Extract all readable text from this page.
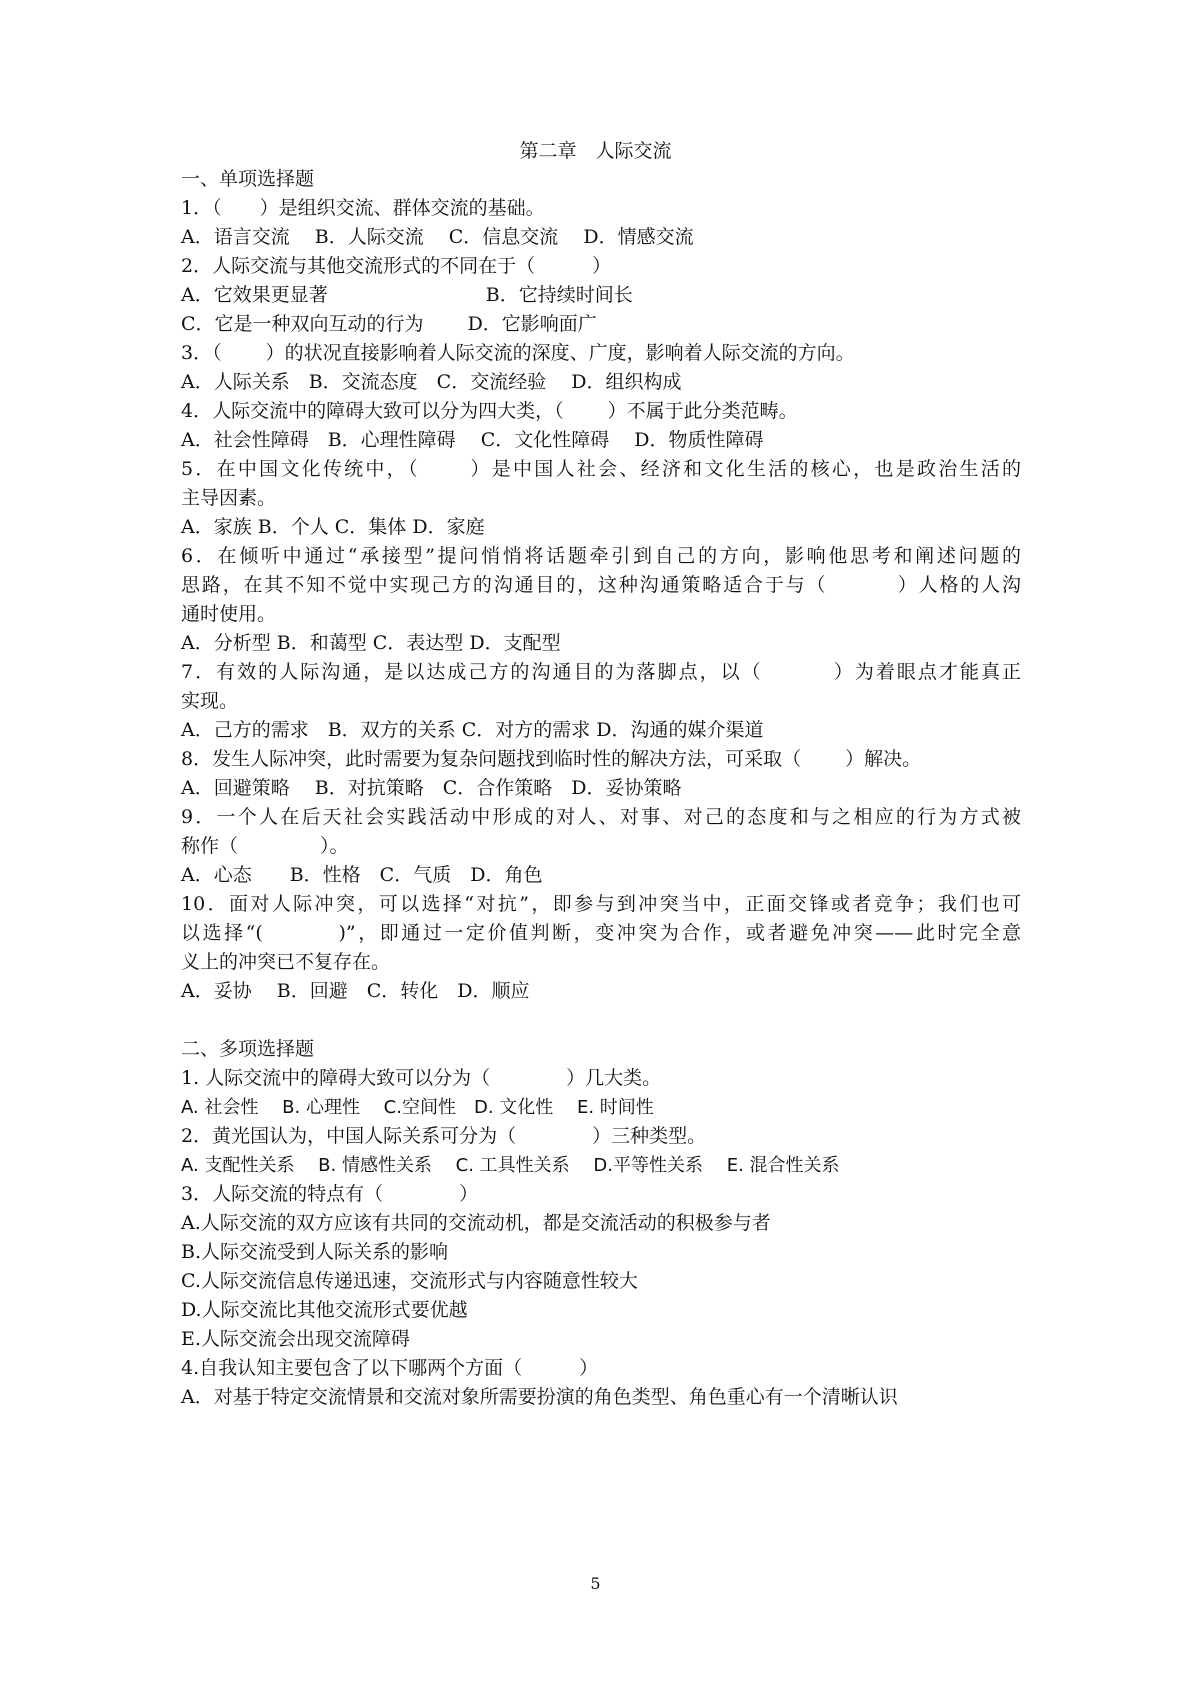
第二章　人际交流
一、单项选择题
1．（　　）是组织交流、群体交流的基础。
A．语言交流　 B．人际交流　 C．信息交流　 D．情感交流
2．人际交流与其他交流形式的不同在于（　　　）
A．它效果更显著　　　　　　　　 B．它持续时间长
C．它是一种双向互动的行为　　 D．它影响面广
3．（　　 ）的状况直接影响着人际交流的深度、广度，影响着人际交流的方向。
A．人际关系　B．交流态度　C．交流经验　 D．组织构成
4．人际交流中的障碍大致可以分为四大类，（　　 ）不属于此分类范畴。
A．社会性障碍　B．心理性障碍　 C．文化性障碍　 D．物质性障碍
5．在中国文化传统中，（　　 ）是中国人社会、经济和文化生活的核心，也是政治生活的
主导因素。
A．家族 B．个人 C．集体 D．家庭
6．在倾听中通过“承接型”提问悄悄将话题牵引到自己的方向，影响他思考和阐述问题的
思路，在其不知不觉中实现己方的沟通目的，这种沟通策略适合于与（　　　 ）人格的人沟
通时使用。
A．分析型 B．和蔼型 C．表达型 D．支配型
7．有效的人际沟通，是以达成己方的沟通目的为落脚点，以（　　　 ）为着眼点才能真正
实现。
A．己方的需求　B．双方的关系 C．对方的需求 D．沟通的媒介渠道
8．发生人际冲突，此时需要为复杂问题找到临时性的解决方法，可采取（　　 ）解决。
A．回避策略　 B．对抗策略　C．合作策略　D．妥协策略
9．一个人在后天社会实践活动中形成的对人、对事、对己的态度和与之相应的行为方式被
称作（　　　　 ）。
A．心态　　B．性格　C．气质　D．角色
10．面对人际冲突，可以选择“对抗”，即参与到冲突当中，正面交锋或者竞争；我们也可
以选择“(　　　 )”，即通过一定价值判断，变冲突为合作，或者避免冲突——此时完全意
义上的冲突已不复存在。
A．妥协　 B．回避　C．转化　D．顺应
二、多项选择题
1. 人际交流中的障碍大致可以分为（　　　　）几大类。
A. 社会性　 B. 心理性　 C.空间性　D. 文化性　 E. 时间性
2．黄光国认为，中国人际关系可分为（　　　　）三种类型。
A. 支配性关系　 B. 情感性关系　 C. 工具性关系　 D.平等性关系　 E. 混合性关系
3．人际交流的特点有（　　　　）
A.人际交流的双方应该有共同的交流动机，都是交流活动的积极参与者
B.人际交流受到人际关系的影响
C.人际交流信息传递迅速，交流形式与内容随意性较大
D.人际交流比其他交流形式要优越
E.人际交流会出现交流障碍
4.自我认知主要包含了以下哪两个方面（　　　）
A．对基于特定交流情景和交流对象所需要扮演的角色类型、角色重心有一个清晰认识
5
